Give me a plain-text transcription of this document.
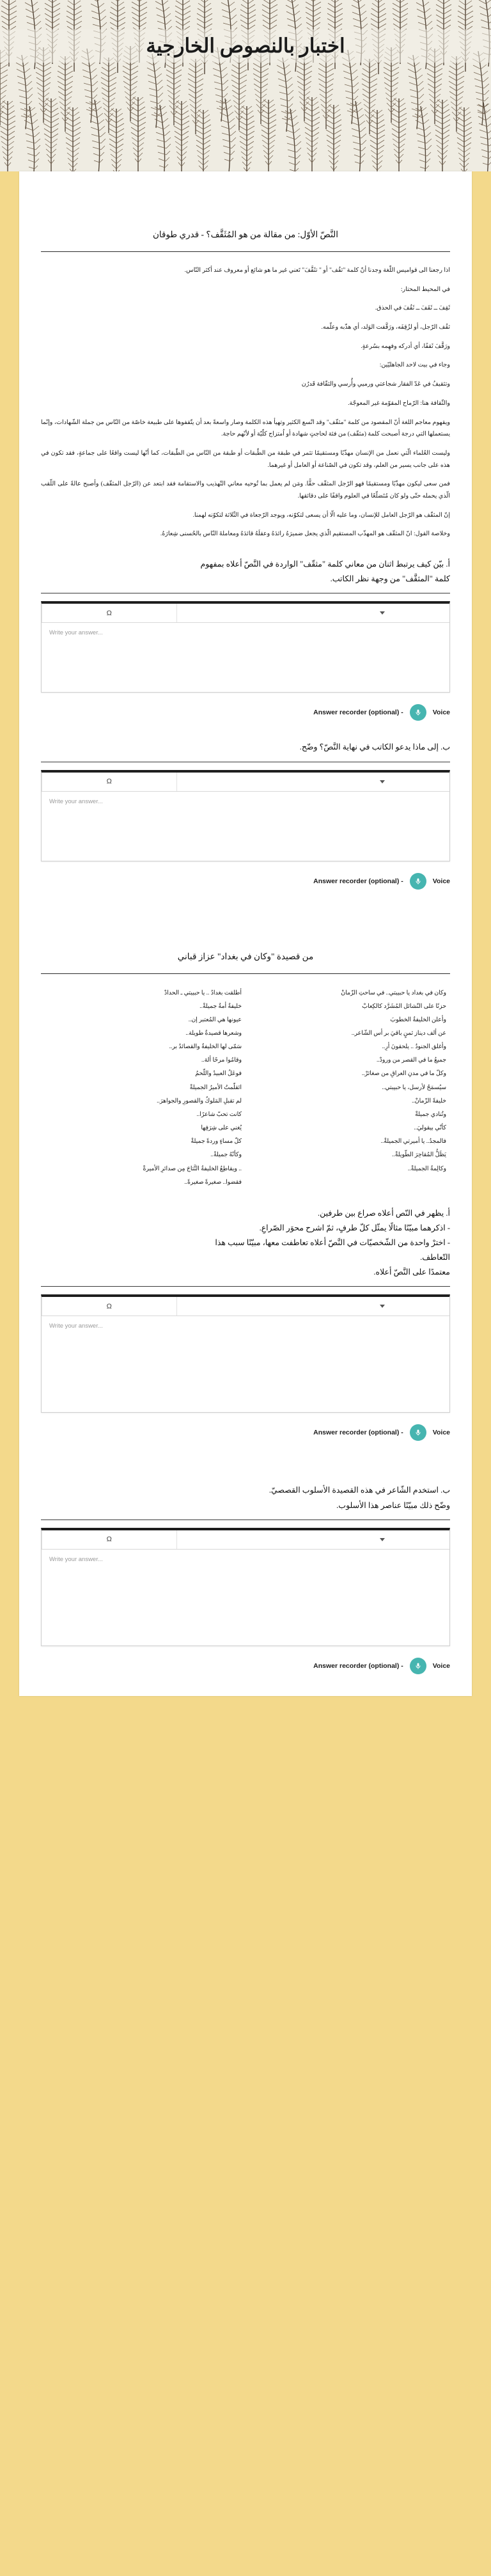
اختبار بالنصوص الخارجية
النَّصّ الأوّل: من مقالة من هو المُثَقَّف؟ - قدري طوقان

اذا رجعنا الى قواميس اللّغة وجدنا أنّ كلمة "ثقُف" أو " تثَقَّفَ" تَعني غير ما هو شائع أو معروف عند أكثر النّاس.

في المحيط المحتار:

ثَقِفَ ــ ثَقَفَ ــ ثَقُفَ في الحذق.

ثقُف الرّجل، أو لزُقِفَه، ورَقَّفت الوَلد، أي هذّبه وعلّمه.

ورَقَّفَ ثَقفًا، أي أدركه وفهِمه بسُرعةٍ.

وجاء في بيت لاحد الجاهليّين:

وتثقيفُ في عَدّ الفقار شجاعتي ورميي وأُرسي والثقّافة قَدرُن

والثّقافة هنا: الرّماح المقوّمة غير المعوجّة.

ويقهوم معاجم اللغة أنّ المقصود من كلمة "مثقّف" وقد اتّسع الكثير وتهيأ هذه الكلمة وصار واسعةً بعد أن يتّقفوها على طبيعة خاصّة من النّاس من جملة الشّهادات، وإنّما يستعملها التي درجة أصبحت كلمة (مثقّف) من فئة لحاجتٍ شهادة أو اُمتزاج كلّيّة أو لأنّهم حاجة.

وليست العُلماء الّتي نعمل من الإنسان مهذّبًا ومستقيمًا تثمر في طبقة من الطّبقات أو طبقة من النّاس من الطّبقات، كما أنّها ليست واقعًا على جماعةٍ، فقد تكون في هذه على جانب يسير من العلم، وقد تكون في الصّناعة أو العامل أو غيرهما.

فمن سعى ليكون مهذّبًا ومستقيمًا فهو الرّجل المثقّف حقًّا. ومَن لم يعمل بما تُوحيه معاني التّهذيب والاستقامة فقد ابتعد عن (الرّجل المثقّف) وأصبح عالةً على اللّقب الّذي يحمله حتّى ولو كان مُتَضلّعًا في العلوم واقفًا على دقائقها.

إنّ المثقّف هو الرّجل العامل للإنسان، وما عليه الّا أن يسعى لتكوّنه، ويوجد الرّجعاة في الثّلاثة لتكوّنه لهمنا.

وخلاصة القول: انّ المثقّف هو المهذّب المستقيم الّذي يجعل ضميرَهُ رائدَهُ وعقلَهُ قائدَهُ ومعاملةَ النّاس بالحُسنى شِعارَهُ.

أ. بيّن كيف يرتبط اثنان من معاني كلمة "مثقّف" الواردة في النَّصّ أعلاه بمفهوم
كلمة "المثقَّف" من وجهة نظر الكاتب.
Ω
Write your answer...
Answer recorder (optional) -	Voice
ب. إلى ماذا يدعو الكاتب في نهاية النَّصّ؟ وضّح.
Ω
Write your answer...
Answer recorder (optional) -	Voice
من قصيدة "وكان في بغداد" عزاز قباني
وكان في بغداد يا حبيبتي.. في ساحتِ الزّمانْ	أطلقت بغدادُ .. يا حبيبتي ـ الحدادْ
حزنًا على النّشائل المُشَرَّد كالكِعابْ	خليفةٌ أمةٌ جميلةْ..
وأعلن الخليفةُ الخطوبَ	عيونها هي المُعتبر إن..
عن ألف ديناز ثمنٍ باقيَ بر أس الشّاعر..	وشعرها قصيدةٌ طويلة..
وأغلق الجنودُ .. يلحقونَ أرِ..	سَمّى لها الخليفةُ والقصائدُ بر..
جميعُ ما في القصر من ورودْ..	وقامُوا مرحًا ألهَ..
وكلّ ما في مدنِ العراقِ من صغائرْ..	فوعَلُ العبيدُ واللّحمُ
سيُسمَحُ لأرسل، يا حبيبتي..	ائقلّمتُ الأميرُ الجميلةْ
خليفةً الزّمانْ..	لم تقبلِ المَلوكُ والقصورِ والجواهرَ..
وتُنادي جميلةْ	كانت تحبّ شاعرًا..
كأنّي بيقوليَ..	يُغني على شِرَفِها
فالمجدُ.. يا أميرتي الجميلةْ..	كلّ مساءٍ وردةً جميلةْ
يَظَلُّ المُقاحِرَ الطّويلةْ..	وكأنّهُ جميلةْ..
وكالِمةُ الجميلةْ..	.. ويقاطِعُ الخليفةُ التَّتاجَ مِن صدائرِ الأميرةْ
	فقضوا.. صغيرةً صغيرةً..
أ. يظهر في النّص أعلاه صراع بين طرفين.
- اذكرهما مبيّنًا مثالًا يمثّل كلّ طرفٍ، ثمّ اشرح محوَر الصّراعِ.
- اخترْ واحدة من الشّخصيّات في النَّصّ أعلاه تعاطفت معها، مبيّنًا سبب هذا
التّعاطف.
معتمدًا على النَّصّ أعلاه.
Ω
Write your answer...
Answer recorder (optional) -	Voice
ب. استخدم الشّاعر في هذه القصيدة الأسلوب القصصيّ.
وضّح ذلك مبيّنًا عناصر هذا الأسلوب.
Ω
Write your answer...
Answer recorder (optional) -	Voice
